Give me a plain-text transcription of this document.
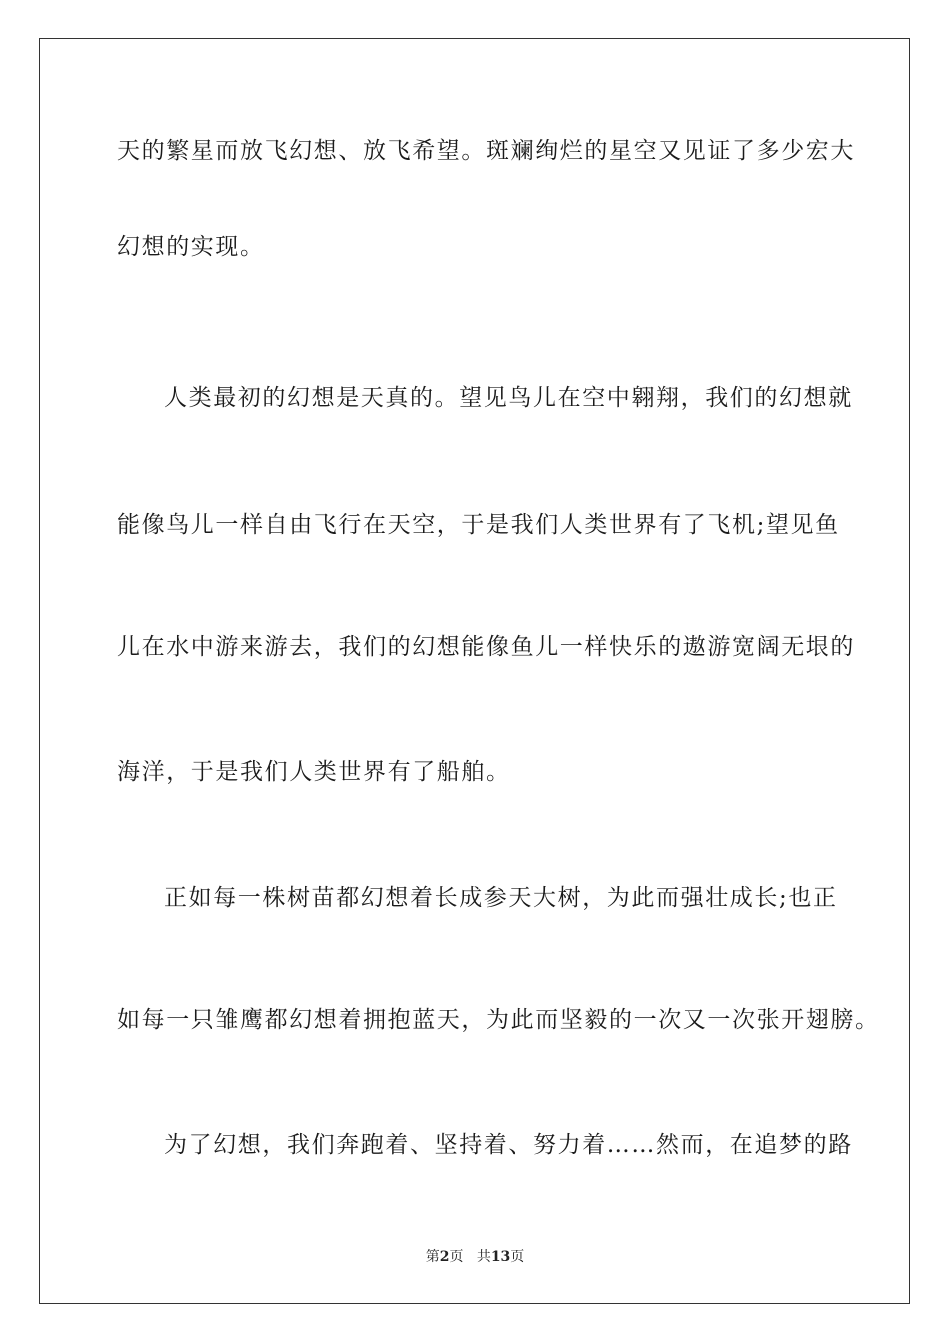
天的繁星而放飞幻想、放飞希望。斑斓绚烂的星空又见证了多少宏大
幻想的实现。
人类最初的幻想是天真的。望见鸟儿在空中翱翔，我们的幻想就
能像鸟儿一样自由飞行在天空，于是我们人类世界有了飞机;望见鱼
儿在水中游来游去，我们的幻想能像鱼儿一样快乐的遨游宽阔无垠的
海洋，于是我们人类世界有了船舶。
正如每一株树苗都幻想着长成参天大树，为此而强壮成长;也正
如每一只雏鹰都幻想着拥抱蓝天，为此而坚毅的一次又一次张开翅膀。
为了幻想，我们奔跑着、坚持着、努力着……然而，在追梦的路
第2页 共13页
